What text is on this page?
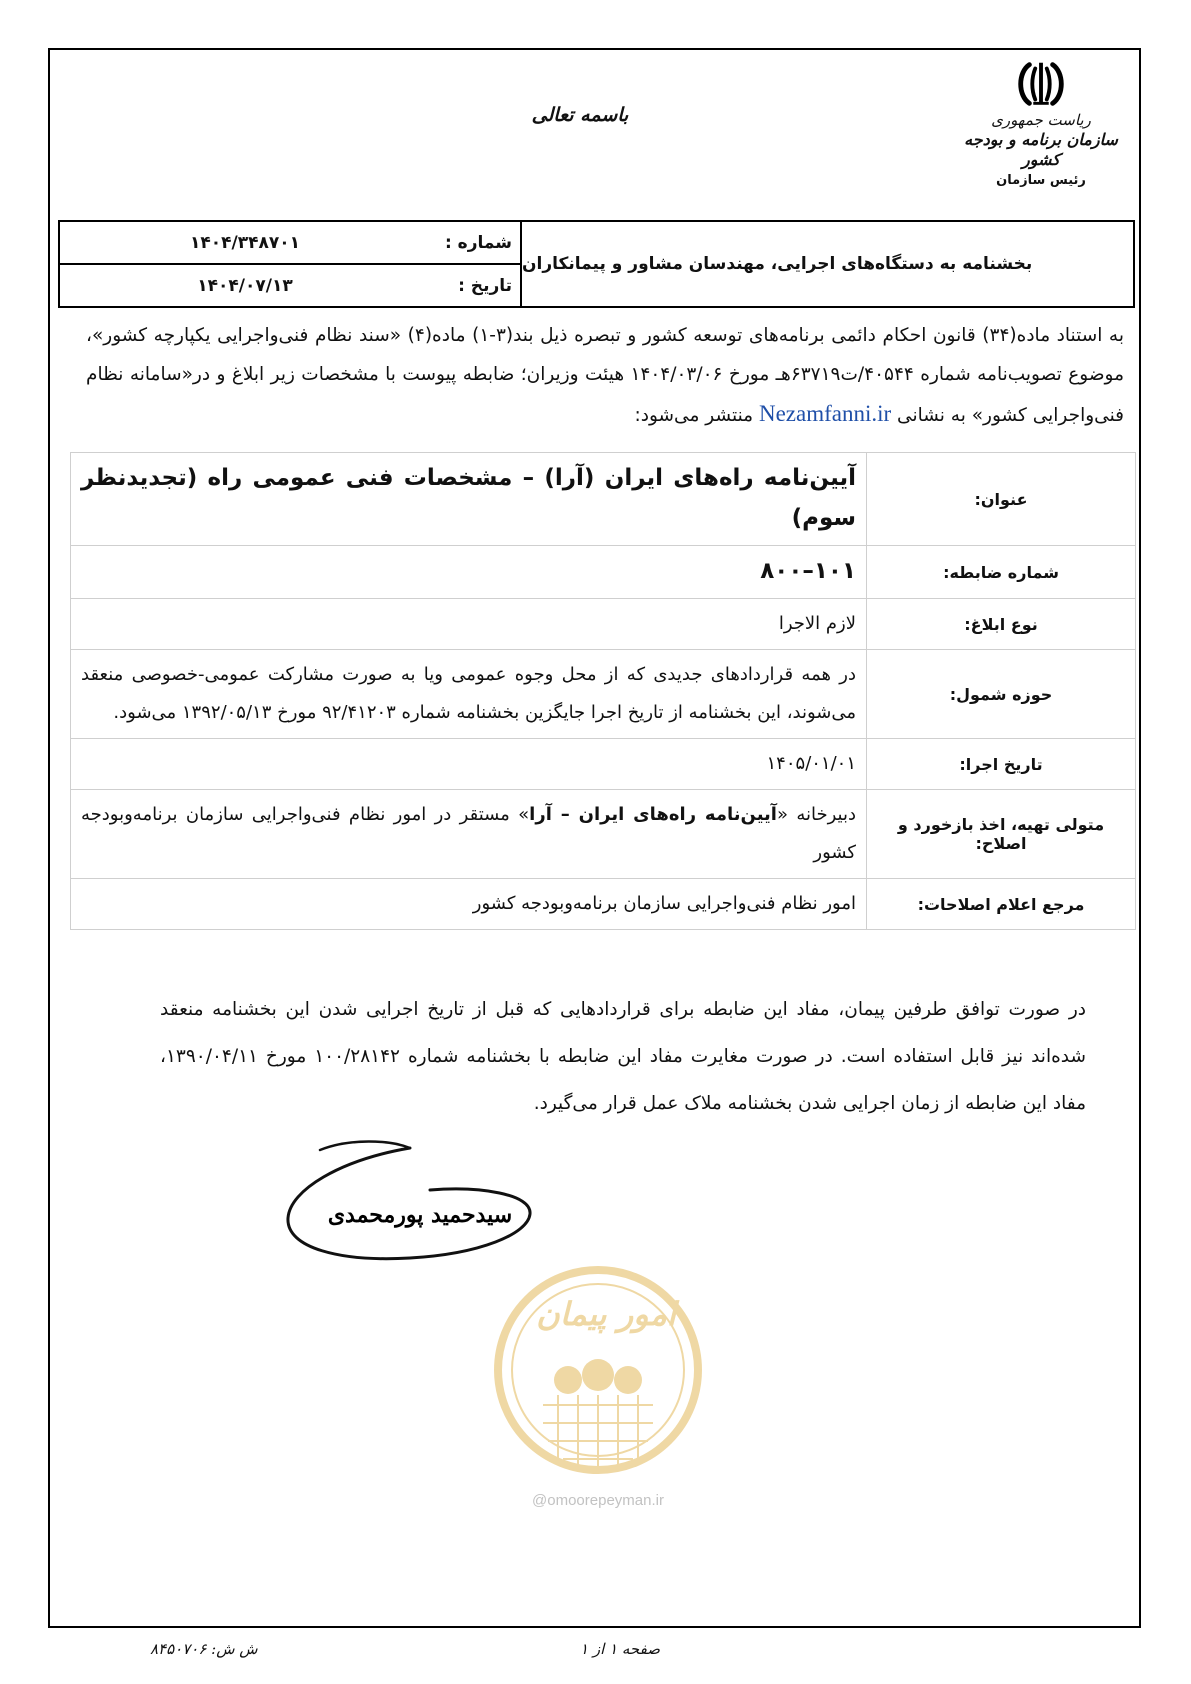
ریاست جمهوری
سازمان برنامه و بودجه کشور
رئیس سازمان
باسمه تعالی
شماره :
۱۴۰۴/۳۴۸۷۰۱
تاریخ :
۱۴۰۴/۰۷/۱۳
بخشنامه به دستگاه‌های اجرایی، مهندسان مشاور و پیمانکاران
به استناد ماده(۳۴) قانون احکام دائمی برنامه‌های توسعه کشور و تبصره ذیل بند(۳-۱) ماده(۴) «سند نظام فنی‌واجرایی یکپارچه کشور»، موضوع تصویب‌نامه شماره ۴۰۵۴۴/ت۶۳۷۱۹هـ مورخ ۱۴۰۴/۰۳/۰۶ هیئت وزیران؛ ضابطه پیوست با مشخصات زیر ابلاغ و در«سامانه نظام فنی‌واجرایی کشور» به نشانی Nezamfanni.ir منتشر می‌شود:
عنوان:	آیین‌نامه راه‌های ایران (آرا) – مشخصات فنی عمومی راه (تجدیدنظر سوم)
شماره ضابطه:	۱۰۱–۸۰۰
نوع ابلاغ:	لازم الاجرا
حوزه شمول:	در همه قراردادهای جدیدی که از محل وجوه عمومی ویا به صورت مشارکت عمومی-خصوصی منعقد می‌شوند، این بخشنامه از تاریخ اجرا جایگزین بخشنامه شماره ۹۲/۴۱۲۰۳ مورخ ۱۳۹۲/۰۵/۱۳ می‌شود.
تاریخ اجرا:	۱۴۰۵/۰۱/۰۱
متولی تهیه، اخذ بازخورد و اصلاح:	دبیرخانه «آیین‌نامه راه‌های ایران – آرا» مستقر در امور نظام فنی‌واجرایی سازمان برنامه‌وبودجه کشور
مرجع اعلام اصلاحات:	امور نظام فنی‌واجرایی سازمان برنامه‌وبودجه کشور
در صورت توافق طرفین پیمان، مفاد این ضابطه برای قراردادهایی که قبل از تاریخ اجرایی شدن این بخشنامه منعقد شده‌اند نیز قابل استفاده است. در صورت مغایرت مفاد این ضابطه با بخشنامه شماره ۱۰۰/۲۸۱۴۲ مورخ ۱۳۹۰/۰۴/۱۱، مفاد این ضابطه از زمان اجرایی شدن بخشنامه ملاک عمل قرار می‌گیرد.
سیدحمید پورمحمدی
امور پیمان
@omoorepeyman.ir
صفحه ۱ از ۱
ش ش: ۸۴۵۰۷۰۶
